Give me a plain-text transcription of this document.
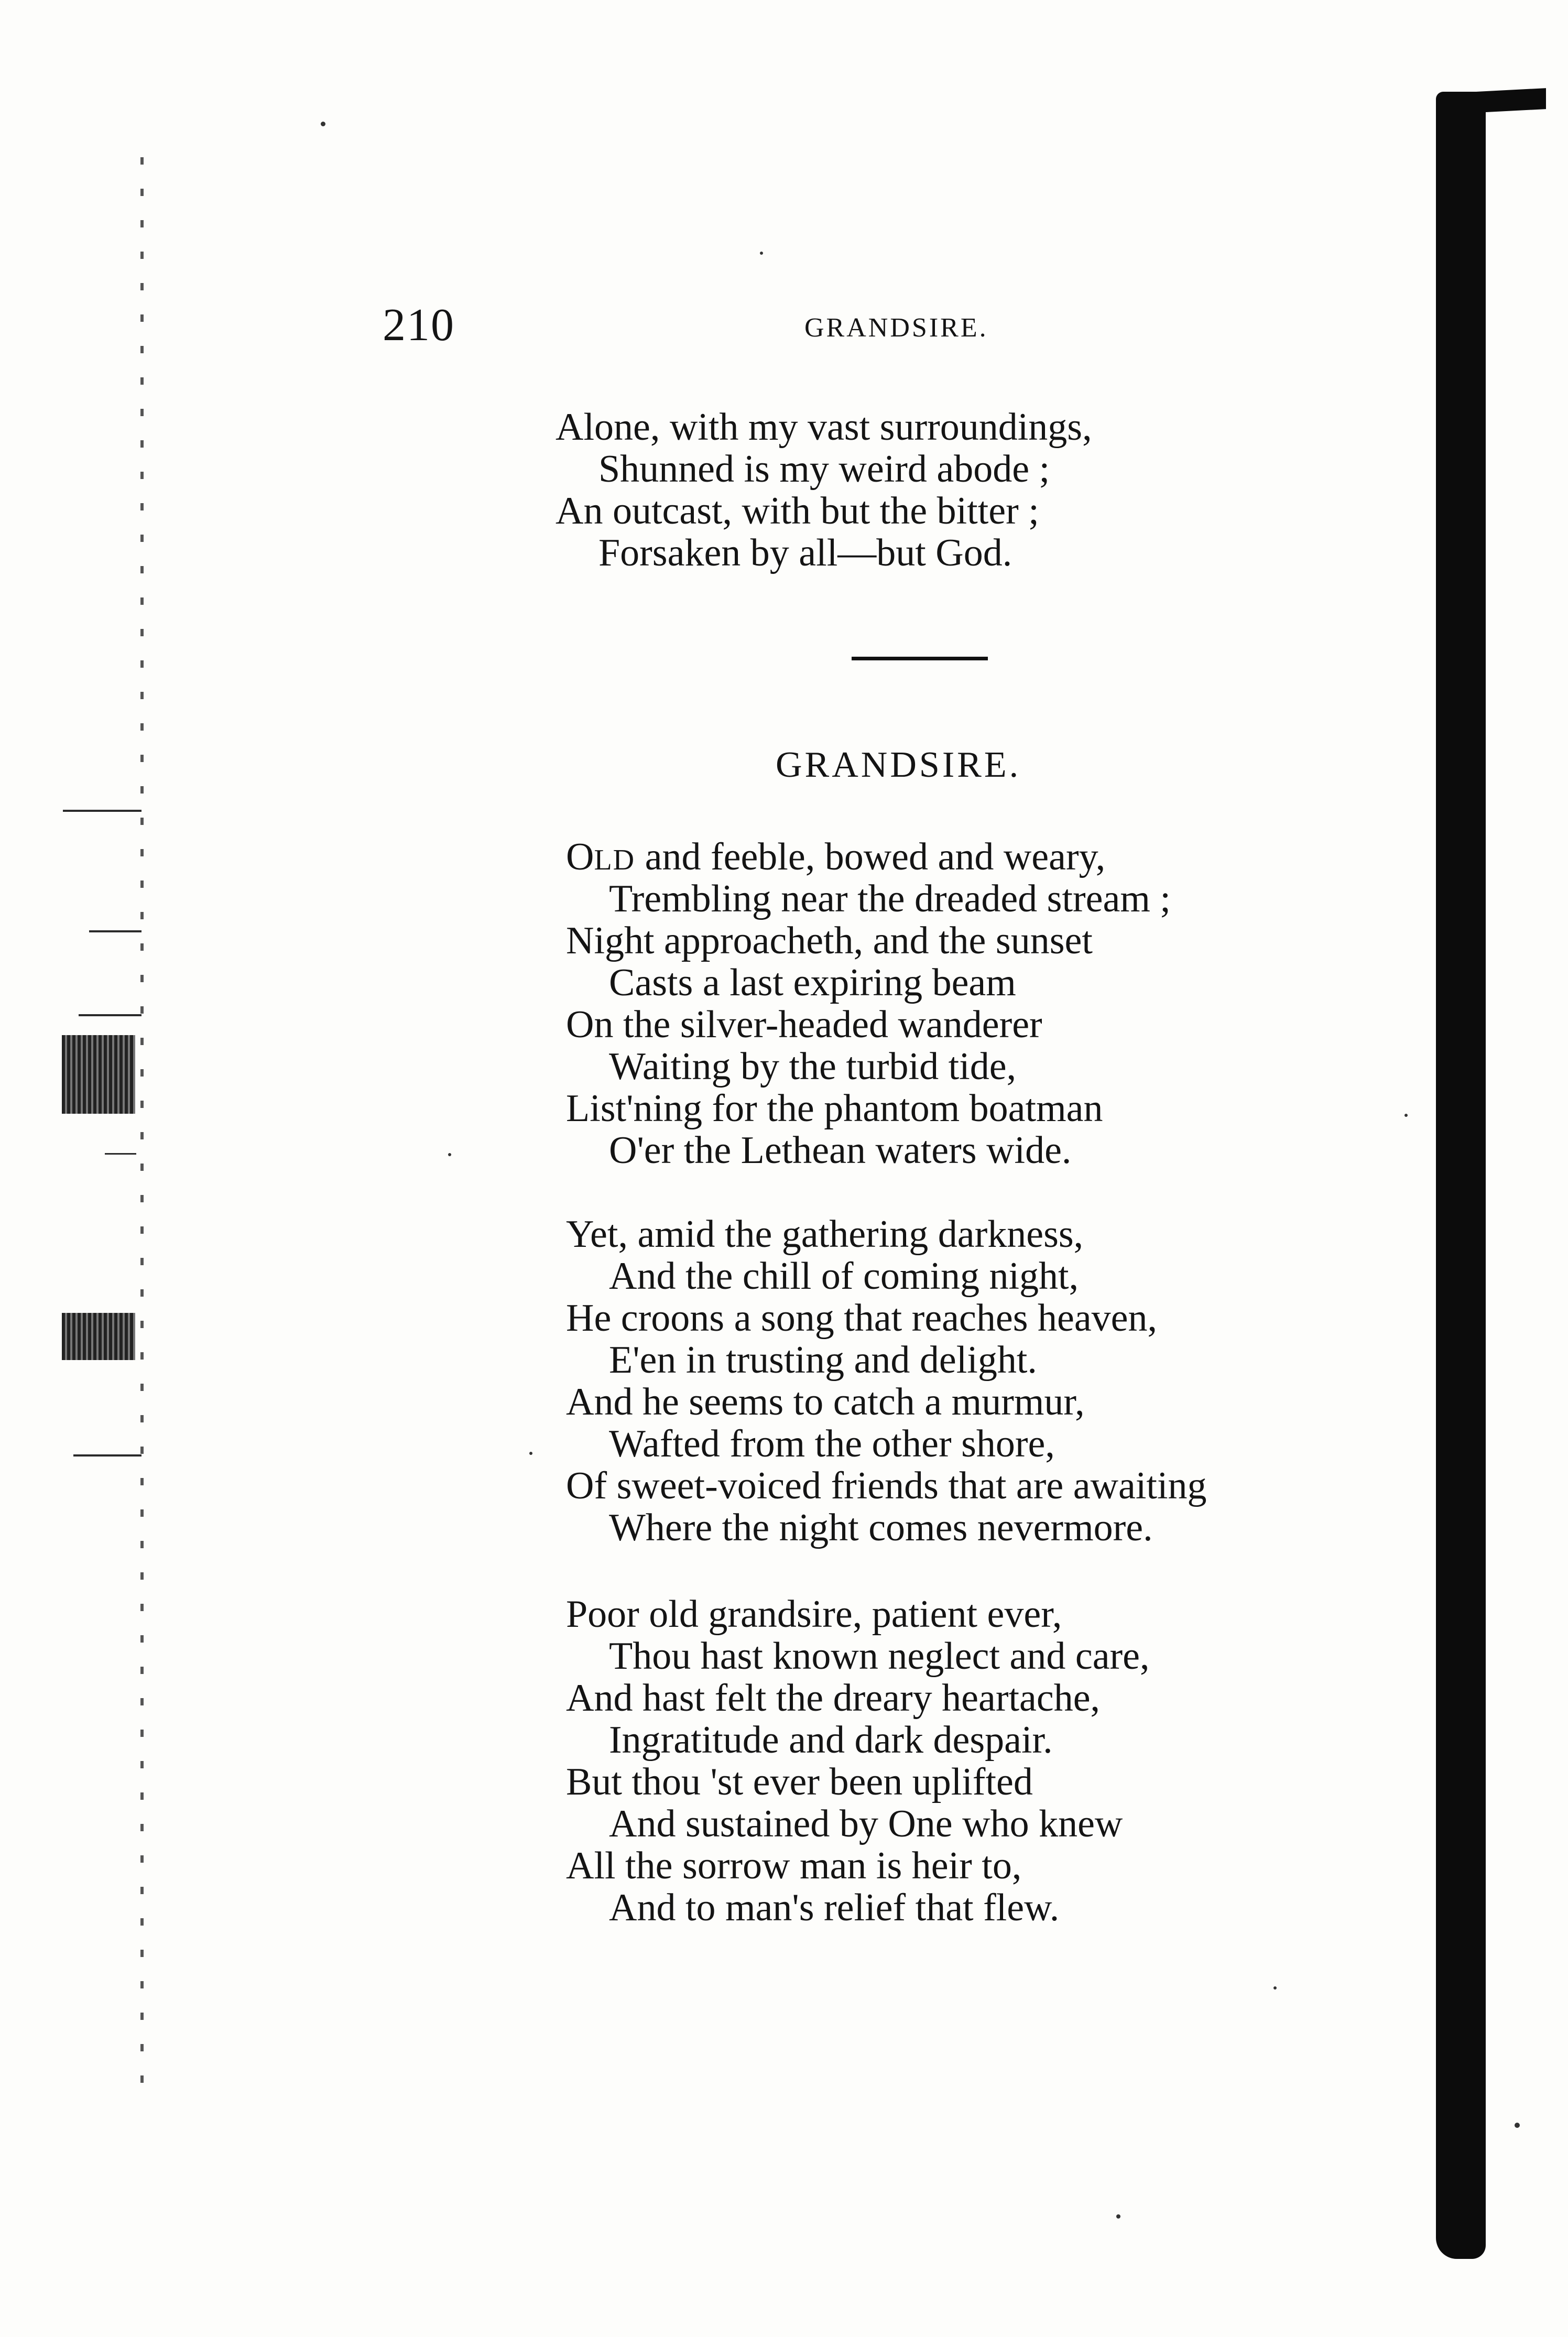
210	GRANDSIRE.
Alone, with my vast surroundings,
Shunned is my weird abode ;
An outcast, with but the bitter ;
Forsaken by all—but God.
GRANDSIRE.
OLD and feeble, bowed and weary,
Trembling near the dreaded stream ;
Night approacheth, and the sunset
Casts a last expiring beam
On the silver-headed wanderer
Waiting by the turbid tide,
List'ning for the phantom boatman
O'er the Lethean waters wide.
Yet, amid the gathering darkness,
And the chill of coming night,
He croons a song that reaches heaven,
E'en in trusting and delight.
And he seems to catch a murmur,
Wafted from the other shore,
Of sweet-voiced friends that are awaiting
Where the night comes nevermore.
Poor old grandsire, patient ever,
Thou hast known neglect and care,
And hast felt the dreary heartache,
Ingratitude and dark despair.
But thou 'st ever been uplifted
And sustained by One who knew
All the sorrow man is heir to,
And to man's relief that flew.
